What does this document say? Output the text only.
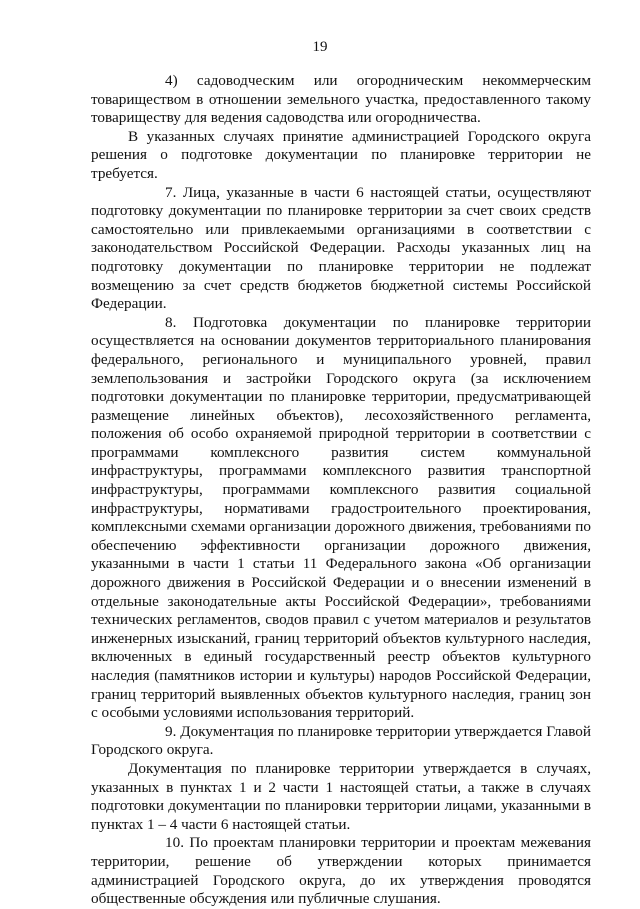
19

4) садоводческим или огородническим некоммерческим товариществом в отношении земельного участка, предоставленного такому товариществу для ведения садоводства или огородничества.

В указанных случаях принятие администрацией Городского округа решения о подготовке документации по планировке территории не требуется.

7. Лица, указанные в части 6 настоящей статьи, осуществляют подготовку документации по планировке территории за счет своих средств самостоятельно или привлекаемыми организациями в соответствии с законодательством Российской Федерации. Расходы указанных лиц на подготовку документации по планировке территории не подлежат возмещению за счет средств бюджетов бюджетной системы Российской Федерации.

8. Подготовка документации по планировке территории осуществляется на основании документов территориального планирования федерального, регионального и муниципального уровней, правил землепользования и застройки Городского округа (за исключением подготовки документации по планировке территории, предусматривающей размещение линейных объектов), лесохозяйственного регламента, положения об особо охраняемой природной территории в соответствии с программами комплексного развития систем коммунальной инфраструктуры, программами комплексного развития транспортной инфраструктуры, программами комплексного развития социальной инфраструктуры, нормативами градостроительного проектирования, комплексными схемами организации дорожного движения, требованиями по обеспечению эффективности организации дорожного движения, указанными в части 1 статьи 11 Федерального закона «Об организации дорожного движения в Российской Федерации и о внесении изменений в отдельные законодательные акты Российской Федерации», требованиями технических регламентов, сводов правил с учетом материалов и результатов инженерных изысканий, границ территорий объектов культурного наследия, включенных в единый государственный реестр объектов культурного наследия (памятников истории и культуры) народов Российской Федерации, границ территорий выявленных объектов культурного наследия, границ зон с особыми условиями использования территорий.

9. Документация по планировке территории утверждается Главой Городского округа.

Документация по планировке территории утверждается в случаях, указанных в пунктах 1 и 2 части 1 настоящей статьи, а также в случаях подготовки документации по планировки территории лицами, указанными в пунктах 1 – 4 части 6 настоящей статьи.

10. По проектам планировки территории и проектам межевания территории, решение об утверждении которых принимается администрацией Городского округа, до их утверждения проводятся общественные обсуждения или публичные слушания.
